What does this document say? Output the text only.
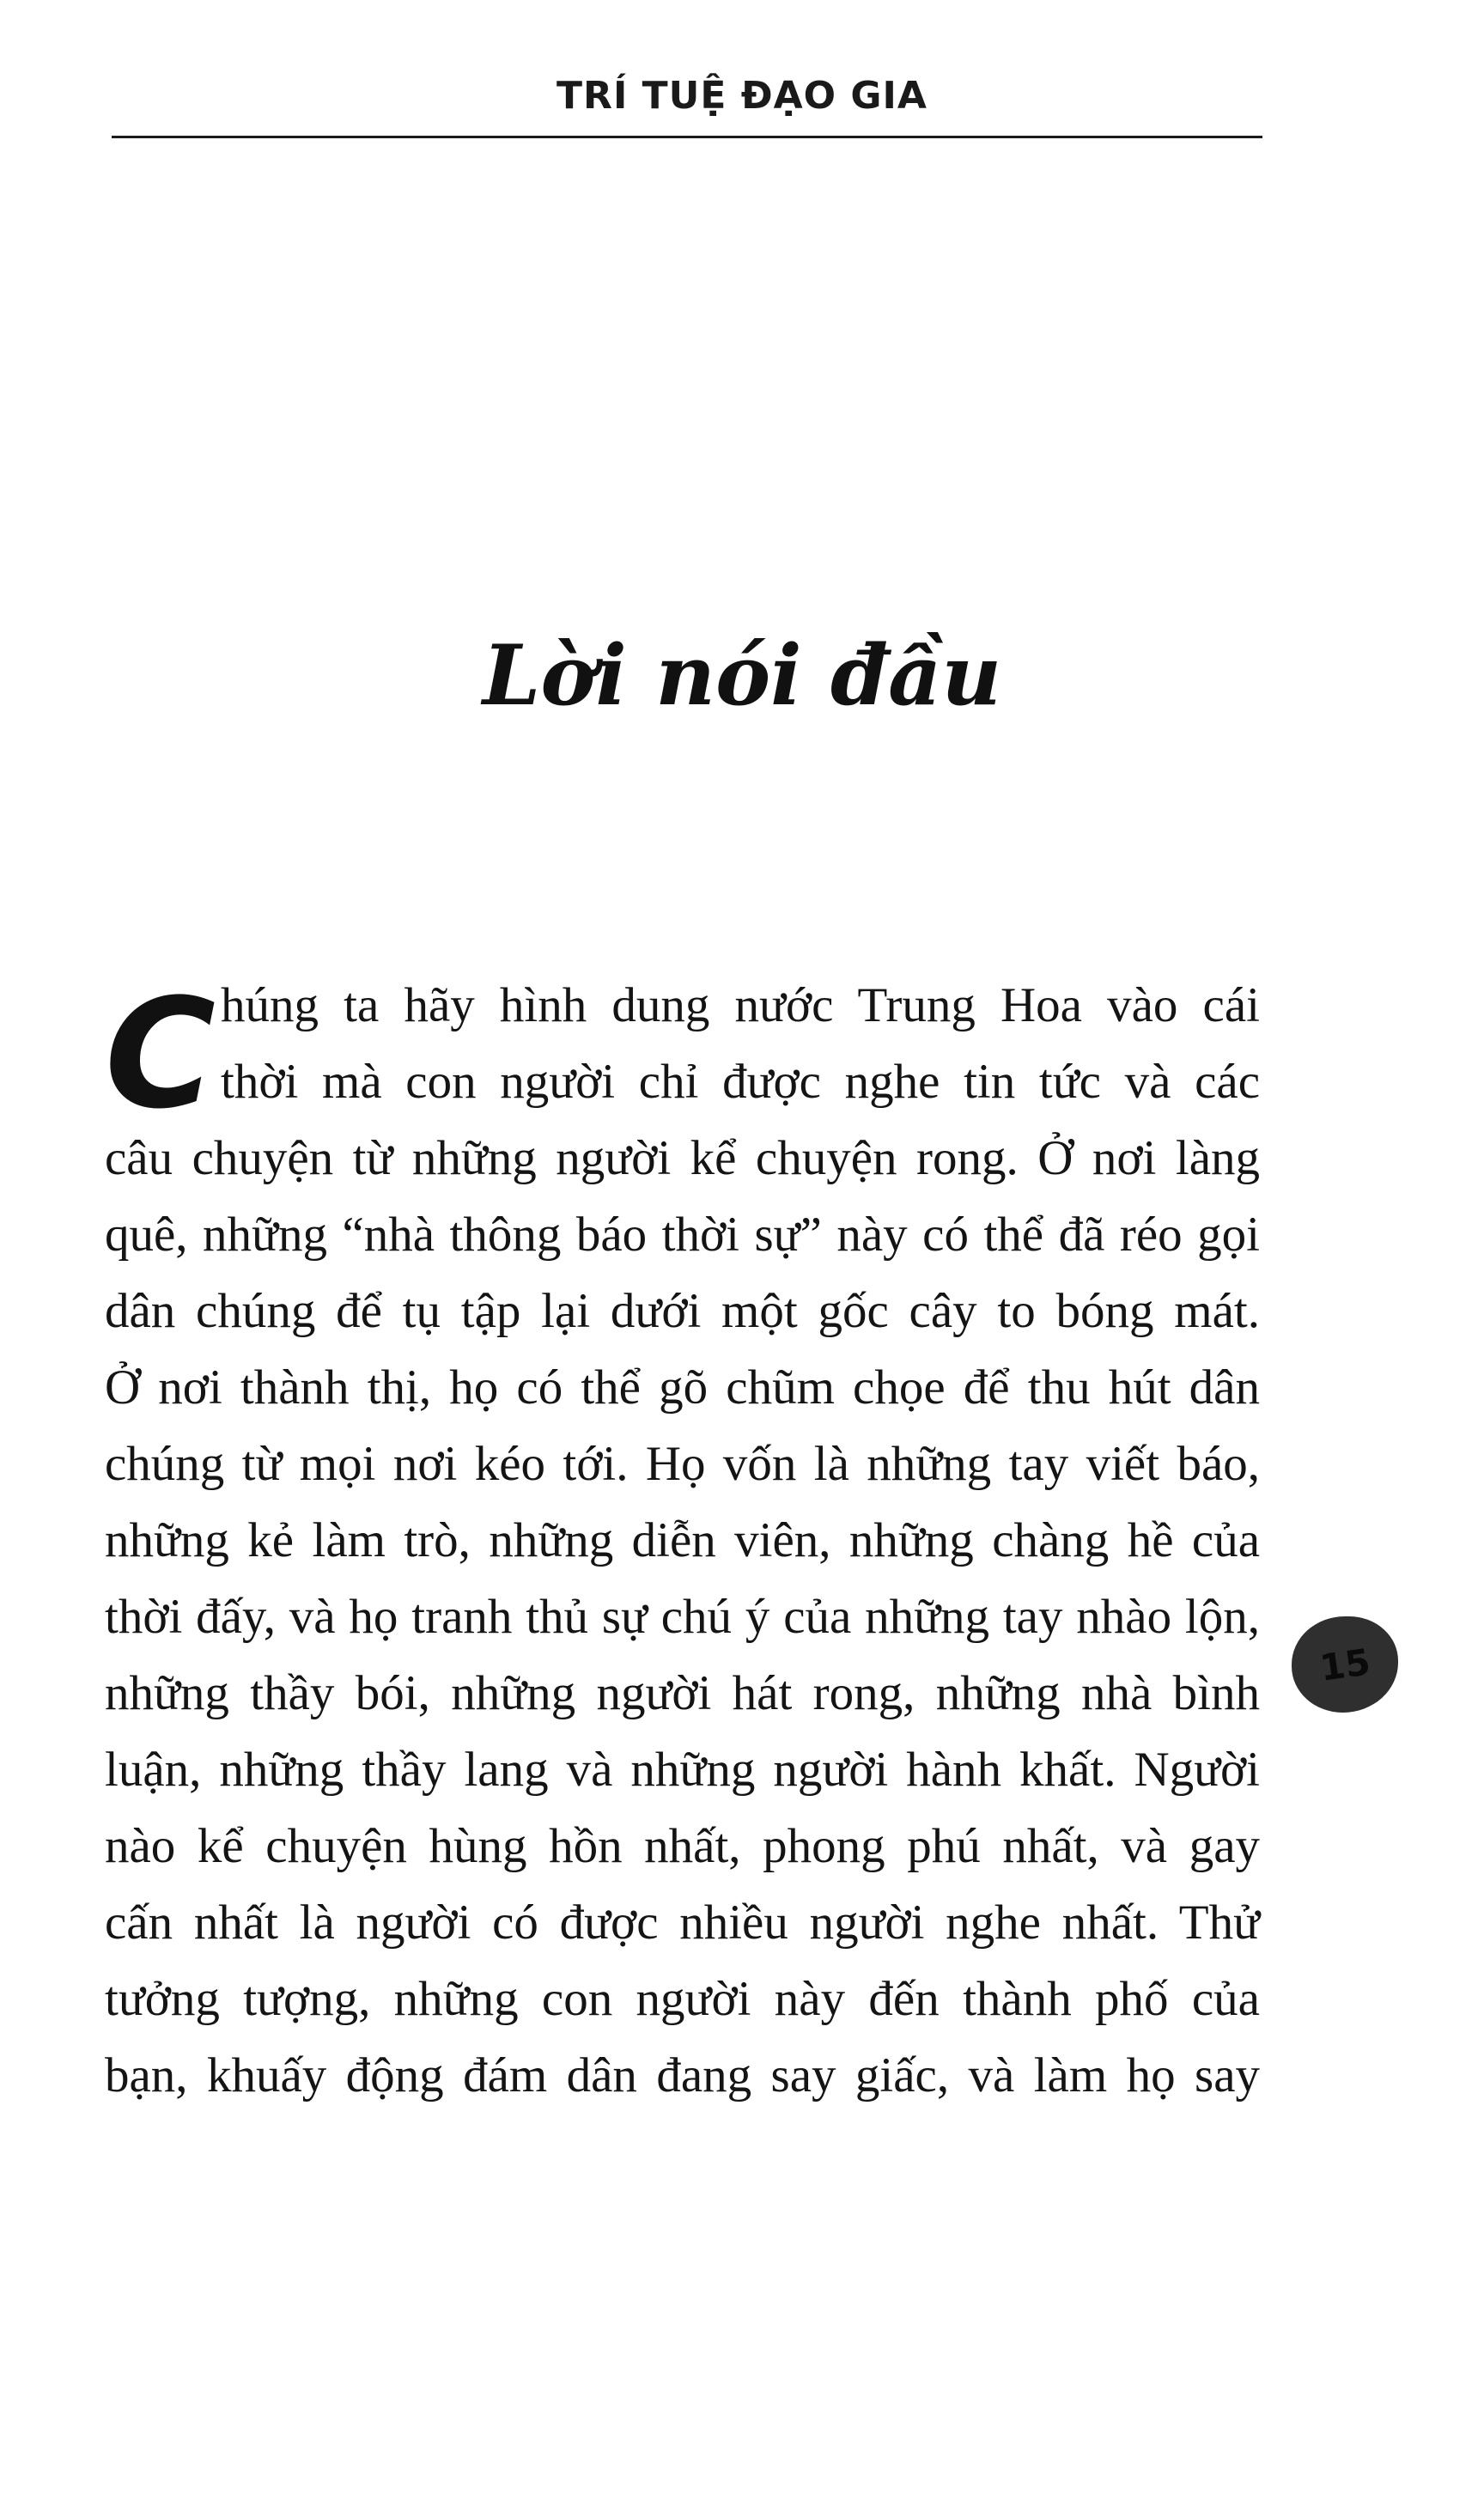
TRÍ TUỆ ĐẠO GIA
Lời nói đầu
C húng ta hãy hình dung nước Trung Hoa vào cái
thời mà con người chỉ được nghe tin tức và các
câu chuyện từ những người kể chuyện rong. Ở nơi làng
quê, những “nhà thông báo thời sự” này có thể đã réo gọi
dân chúng để tụ tập lại dưới một gốc cây to bóng mát.
Ở nơi thành thị, họ có thể gõ chũm chọe để thu hút dân
chúng từ mọi nơi kéo tới. Họ vốn là những tay viết báo,
những kẻ làm trò, những diễn viên, những chàng hề của
thời đấy, và họ tranh thủ sự chú ý của những tay nhào lộn,
những thầy bói, những người hát rong, những nhà bình
luận, những thầy lang và những người hành khất. Người
nào kể chuyện hùng hồn nhất, phong phú nhất, và gay
cấn nhất là người có được nhiều người nghe nhất. Thử
tưởng tượng, những con người này đến thành phố của
bạn, khuấy động đám dân đang say giấc, và làm họ say
15
